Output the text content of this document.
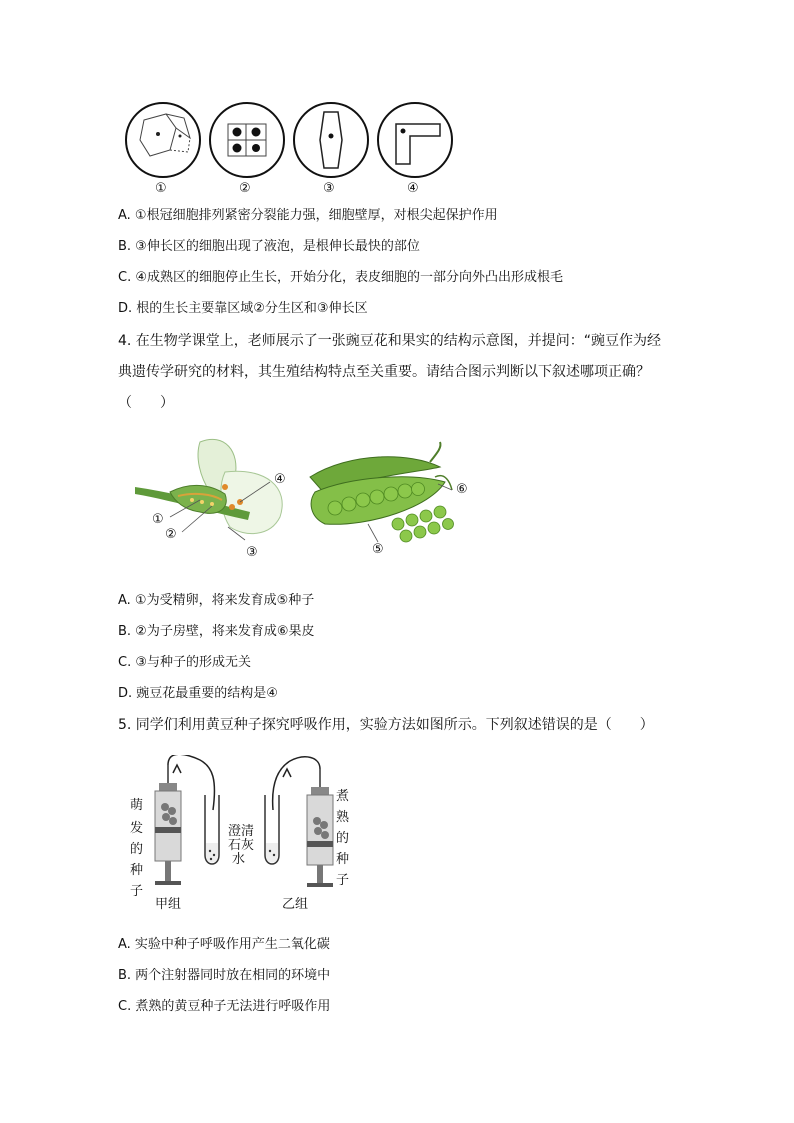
①	②	③	④
A. ①根冠细胞排列紧密分裂能力强，细胞壁厚，对根尖起保护作用
B. ③伸长区的细胞出现了液泡，是根伸长最快的部位
C. ④成熟区的细胞停止生长，开始分化，表皮细胞的一部分向外凸出形成根毛
D. 根的生长主要靠区域②分生区和③伸长区
4. 在生物学课堂上，老师展示了一张豌豆花和果实的结构示意图，并提问：“豌豆作为经
典遗传学研究的材料，其生殖结构特点至关重要。请结合图示判断以下叙述哪项正确？
（　　）
①
②
③
④
⑤
⑥
A. ①为受精卵，将来发育成⑤种子
B. ②为子房壁，将来发育成⑥果皮
C. ③与种子的形成无关
D. 豌豆花最重要的结构是④
5. 同学们利用黄豆种子探究呼吸作用，实验方法如图所示。下列叙述错误的是（　　）
萌
发
的
种
子
澄清
石灰
水
煮
熟
的
种
子
甲组	乙组
A. 实验中种子呼吸作用产生二氧化碳
B. 两个注射器同时放在相同的环境中
C. 煮熟的黄豆种子无法进行呼吸作用
